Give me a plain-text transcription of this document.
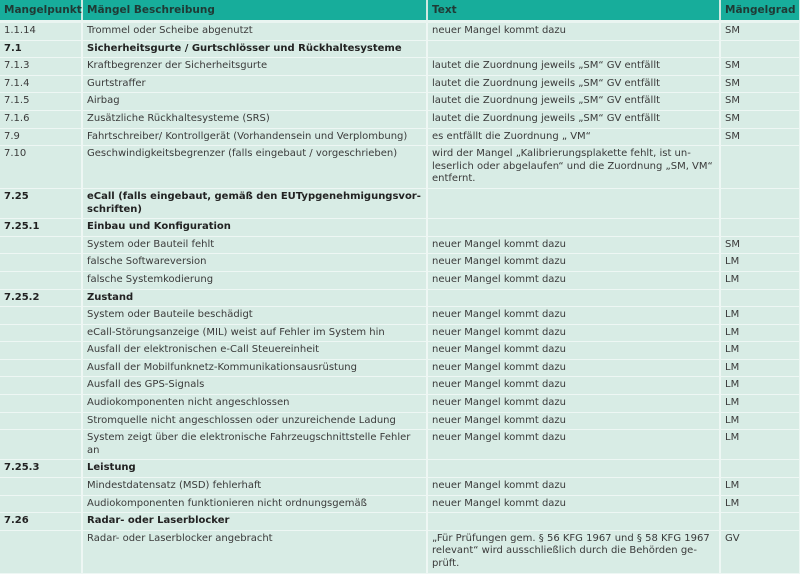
Mangelpunkt	Mängel Beschreibung	Text	Mängelgrad
1.1.14	Trommel oder Scheibe abgenutzt	neuer Mangel kommt dazu	SM
7.1	Sicherheitsgurte / Gurtschlösser und Rückhaltesysteme		
7.1.3	Kraftbegrenzer der Sicherheitsgurte	lautet die Zuordnung jeweils „SM“ GV entfällt	SM
7.1.4	Gurtstraffer	lautet die Zuordnung jeweils „SM“ GV entfällt	SM
7.1.5	Airbag	lautet die Zuordnung jeweils „SM“ GV entfällt	SM
7.1.6	Zusätzliche Rückhaltesysteme (SRS)	lautet die Zuordnung jeweils „SM“ GV entfällt	SM
7.9	Fahrtschreiber/ Kontrollgerät (Vorhandensein und Verplombung)	es entfällt die Zuordnung „ VM“	SM
7.10	Geschwindigkeitsbegrenzer (falls eingebaut / vorgeschrieben)	wird der Mangel „Kalibrierungsplakette fehlt, ist un-leserlich oder abgelaufen“ und die Zuordnung „SM, VM“ entfernt.	
7.25	eCall (falls eingebaut, gemäß den EUTypgenehmigungsvor-schriften)		
7.25.1	Einbau und Konfiguration		
	System oder Bauteil fehlt	neuer Mangel kommt dazu	SM
	falsche Softwareversion	neuer Mangel kommt dazu	LM
	falsche Systemkodierung	neuer Mangel kommt dazu	LM
7.25.2	Zustand		
	System oder Bauteile beschädigt	neuer Mangel kommt dazu	LM
	eCall-Störungsanzeige (MIL) weist auf Fehler im System hin	neuer Mangel kommt dazu	LM
	Ausfall der elektronischen e-Call Steuereinheit	neuer Mangel kommt dazu	LM
	Ausfall der Mobilfunknetz-Kommunikationsausrüstung	neuer Mangel kommt dazu	LM
	Ausfall des GPS-Signals	neuer Mangel kommt dazu	LM
	Audiokomponenten nicht angeschlossen	neuer Mangel kommt dazu	LM
	Stromquelle nicht angeschlossen oder unzureichende Ladung	neuer Mangel kommt dazu	LM
	System zeigt über die elektronische Fahrzeugschnittstelle Fehler an	neuer Mangel kommt dazu	LM
7.25.3	Leistung		
	Mindestdatensatz (MSD) fehlerhaft	neuer Mangel kommt dazu	LM
	Audiokomponenten funktionieren nicht ordnungsgemäß	neuer Mangel kommt dazu	LM
7.26	Radar- oder Laserblocker		
	Radar- oder Laserblocker angebracht	„Für Prüfungen gem. § 56 KFG 1967 und § 58 KFG 1967 relevant“ wird ausschließlich durch die Behörden ge-prüft.	GV
